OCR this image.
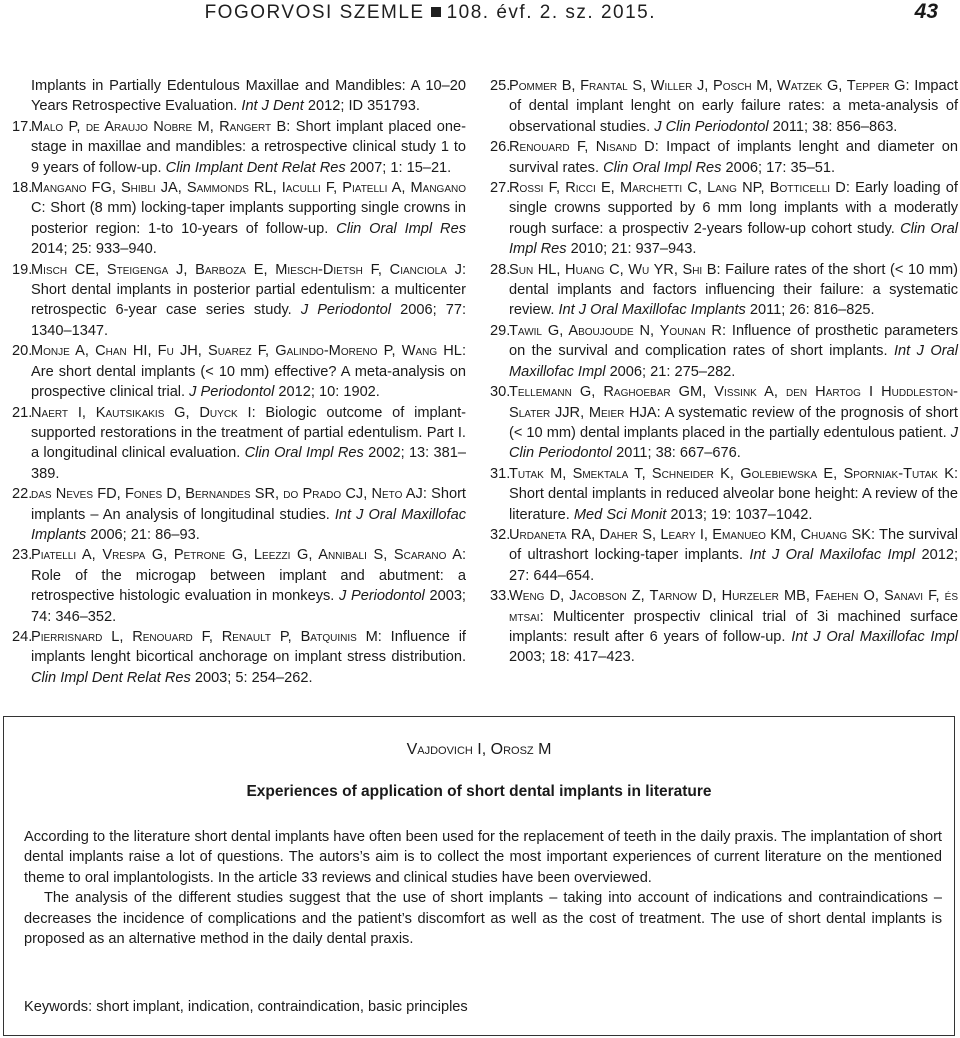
FOGORVOSI SZEMLE 108. évf. 2. sz. 2015.	43
Implants in Partially Edentulous Maxillae and Mandibles: A 10–20 Years Retrospective Evaluation. Int J Dent 2012; ID 351793.
17.
Malo P, de Araujo Nobre M, Rangert B: Short implant placed one-stage in maxillae and mandibles: a retrospective clinical study 1 to 9 years of follow-up. Clin Implant Dent Relat Res 2007; 1: 15–21.
18.
Mangano FG, Shibli JA, Sammonds RL, Iaculli F, Piatelli A, Mangano C: Short (8 mm) locking-taper implants supporting single crowns in posterior region: 1-to 10-years of follow-up. Clin Oral Impl Res 2014; 25: 933–940.
19.
Misch CE, Steigenga J, Barboza E, Miesch-Dietsh F, Cianciola J: Short dental implants in posterior partial edentulism: a multicenter retrospectic 6-year case series study. J Periodontol 2006; 77: 1340–1347.
20.
Monje A, Chan HI, Fu JH, Suarez F, Galindo-Moreno P, Wang HL: Are short dental implants (< 10 mm) effective? A meta-analysis on prospective clinical trial. J Periodontol 2012; 10: 1902.
21.
Naert I, Kautsikakis G, Duyck I: Biologic outcome of implant-supported restorations in the treatment of partial edentulism. Part I. a longitudinal clinical evaluation. Clin Oral Impl Res 2002; 13: 381–389.
22.
das Neves FD, Fones D, Bernandes SR, do Prado CJ, Neto AJ: Short implants – An analysis of longitudinal studies. Int J Oral Maxillofac Implants 2006; 21: 86–93.
23.
Piatelli A, Vrespa G, Petrone G, Leezzi G, Annibali S, Scarano A: Role of the microgap between implant and abutment: a retrospective histologic evaluation in monkeys. J Periodontol 2003; 74: 346–352.
24.
Pierrisnard L, Renouard F, Renault P, Batquinis M: Influence if implants lenght bicortical anchorage on implant stress distribution. Clin Impl Dent Relat Res 2003; 5: 254–262.
25.
Pommer B, Frantal S, Willer J, Posch M, Watzek G, Tepper G: Impact of dental implant lenght on early failure rates: a meta-analysis of observational studies. J Clin Periodontol 2011; 38: 856–863.
26.
Renouard F, Nisand D: Impact of implants lenght and diameter on survival rates. Clin Oral Impl Res 2006; 17: 35–51.
27.
Rossi F, Ricci E, Marchetti C, Lang NP, Botticelli D: Early loading of single crowns supported by 6 mm long implants with a moderatly rough surface: a prospectiv 2-years follow-up cohort study. Clin Oral Impl Res 2010; 21: 937–943.
28.
Sun HL, Huang C, Wu YR, Shi B: Failure rates of the short (< 10 mm) dental implants and factors influencing their failure: a systematic review. Int J Oral Maxillofac Implants 2011; 26: 816–825.
29.
Tawil G, Aboujoude N, Younan R: Influence of prosthetic parameters on the survival and complication rates of short implants. Int J Oral Maxillofac Impl 2006; 21: 275–282.
30.
Tellemann G, Raghoebar GM, Vissink A, den Hartog I Huddleston-Slater JJR, Meier HJA: A systematic review of the prognosis of short (< 10 mm) dental implants placed in the partially edentulous patient. J Clin Periodontol 2011; 38: 667–676.
31.
Tutak M, Smektala T, Schneider K, Golebiewska E, Sporniak-Tutak K: Short dental implants in reduced alveolar bone height: A review of the literature. Med Sci Monit 2013; 19: 1037–1042.
32.
Urdaneta RA, Daher S, Leary I, Emanueo KM, Chuang SK: The survival of ultrashort locking-taper implants. Int J Oral Maxilofac Impl 2012; 27: 644–654.
33.
Weng D, Jacobson Z, Tarnow D, Hurzeler MB, Faehen O, Sanavi F, és mtsai: Multicenter prospectiv clinical trial of 3i machined surface implants: result after 6 years of follow-up. Int J Oral Maxillofac Impl 2003; 18: 417–423.
Vajdovich I, Orosz M
Experiences of application of short dental implants in literature

According to the literature short dental implants have often been used for the replacement of teeth in the daily praxis. The implantation of short dental implants raise a lot of questions. The autors’s aim is to collect the most important experiences of current literature on the mentioned theme to oral implantologists. In the article 33 reviews and clinical studies have been overviewed.

The analysis of the different studies suggest that the use of short implants – taking into account of indications and contraindications – decreases the incidence of complications and the patient’s discomfort as well as the cost of treatment. The use of short dental implants is proposed as an alternative method in the daily dental praxis.

Keywords: short implant, indication, contraindication, basic principles
